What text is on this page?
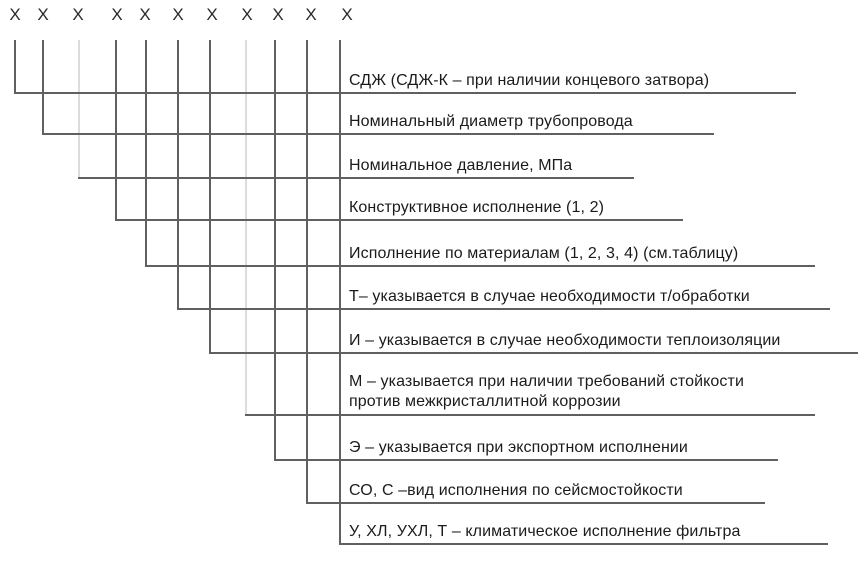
Х Х Х Х Х Х Х Х Х Х Х
СДЖ (СДЖ-К – при наличии концевого затвора)
Номинальный диаметр трубопровода
Номинальное давление, МПа
Конструктивное исполнение (1, 2)
Исполнение по материалам (1, 2, 3, 4) (см.таблицу)
Т– указывается в случае необходимости т/обработки
И – указывается в случае необходимости теплоизоляции
М – указывается при наличии требований стойкости
против межкристаллитной коррозии
Э – указывается при экспортном исполнении
СО, С –вид исполнения по сейсмостойкости
У, ХЛ, УХЛ, Т – климатическое исполнение фильтра
